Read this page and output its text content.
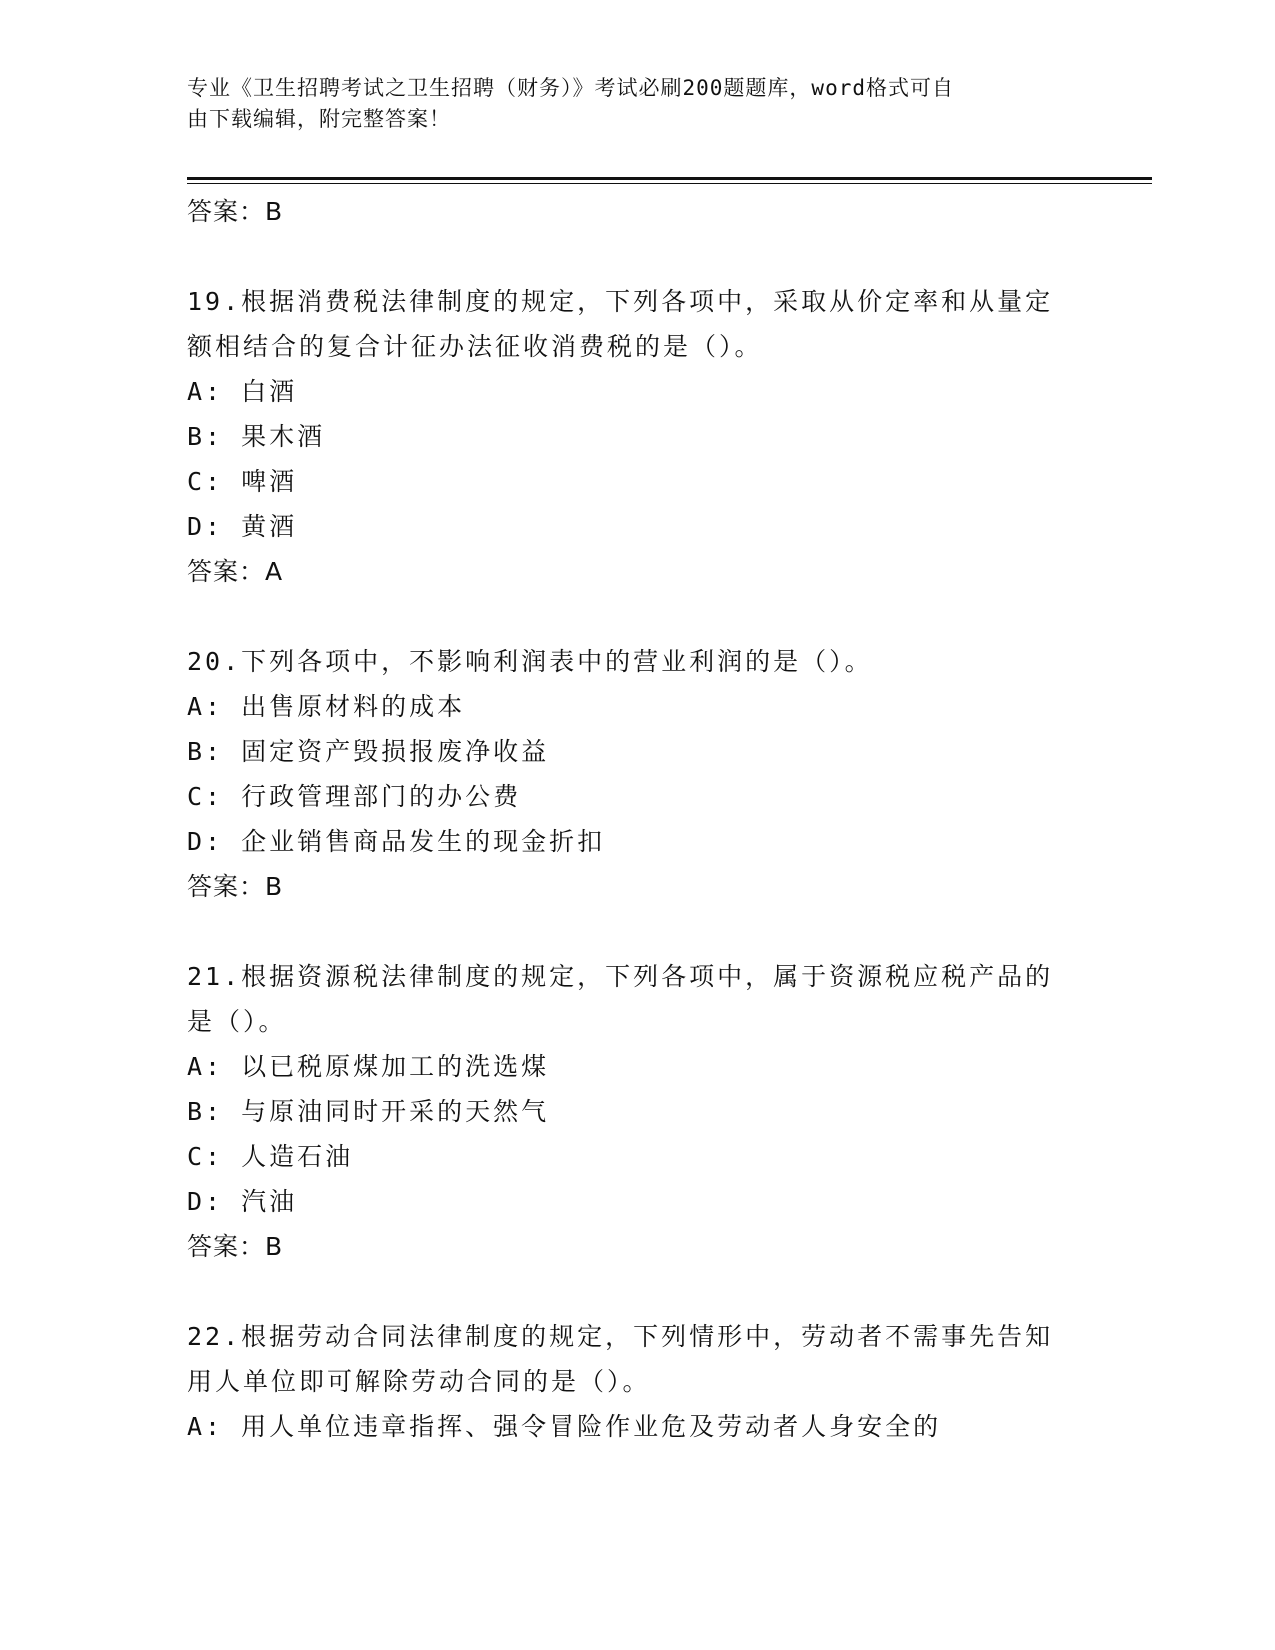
专业《卫生招聘考试之卫生招聘（财务）》考试必刷200题题库，word格式可自
由下载编辑，附完整答案！
答案：B
19.根据消费税法律制度的规定，下列各项中，采取从价定率和从量定
额相结合的复合计征办法征收消费税的是（）。
A: 白酒
B: 果木酒
C: 啤酒
D: 黄酒
答案：A
20.下列各项中，不影响利润表中的营业利润的是（）。
A: 出售原材料的成本
B: 固定资产毁损报废净收益
C: 行政管理部门的办公费
D: 企业销售商品发生的现金折扣
答案：B
21.根据资源税法律制度的规定，下列各项中，属于资源税应税产品的
是（）。
A: 以已税原煤加工的洗选煤
B: 与原油同时开采的天然气
C: 人造石油
D: 汽油
答案：B
22.根据劳动合同法律制度的规定，下列情形中，劳动者不需事先告知
用人单位即可解除劳动合同的是（）。
A: 用人单位违章指挥、强令冒险作业危及劳动者人身安全的
